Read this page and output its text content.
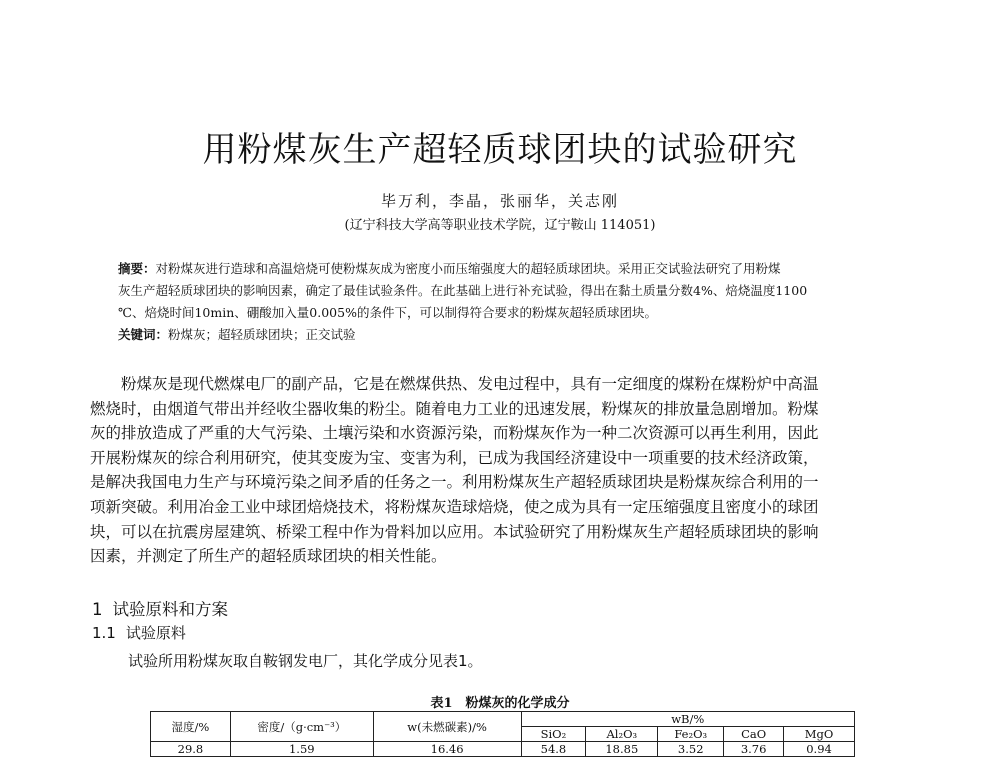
用粉煤灰生产超轻质球团块的试验研究
毕万利，李晶，张丽华，关志刚
(辽宁科技大学高等职业技术学院，辽宁鞍山 114051)
摘要：对粉煤灰进行造球和高温焙烧可使粉煤灰成为密度小而压缩强度大的超轻质球团块。采用正交试验法研究了用粉煤
灰生产超轻质球团块的影响因素，确定了最佳试验条件。在此基础上进行补充试验，得出在黏土质量分数4%、焙烧温度1100
℃、焙烧时间10min、硼酸加入量0.005%的条件下，可以制得符合要求的粉煤灰超轻质球团块。
关键词：粉煤灰；超轻质球团块；正交试验
　　粉煤灰是现代燃煤电厂的副产品，它是在燃煤供热、发电过程中，具有一定细度的煤粉在煤粉炉中高温
燃烧时，由烟道气带出并经收尘器收集的粉尘。随着电力工业的迅速发展，粉煤灰的排放量急剧增加。粉煤
灰的排放造成了严重的大气污染、土壤污染和水资源污染，而粉煤灰作为一种二次资源可以再生利用，因此
开展粉煤灰的综合利用研究，使其变废为宝、变害为利，已成为我国经济建设中一项重要的技术经济政策，
是解决我国电力生产与环境污染之间矛盾的任务之一。利用粉煤灰生产超轻质球团块是粉煤灰综合利用的一
项新突破。利用冶金工业中球团焙烧技术，将粉煤灰造球焙烧，使之成为具有一定压缩强度且密度小的球团
块，可以在抗震房屋建筑、桥梁工程中作为骨料加以应用。本试验研究了用粉煤灰生产超轻质球团块的影响
因素，并测定了所生产的超轻质球团块的相关性能。
1 试验原料和方案
1.1 试验原料
试验所用粉煤灰取自鞍钢发电厂，其化学成分见表1。
表1　粉煤灰的化学成分
湿度/%	密度/（g·cm⁻³）	w(未燃碳素)/%	wB/%				
			SiO₂	Al₂O₃	Fe₂O₃	CaO	MgO
29.8	1.59	16.46	54.8	18.85	3.52	3.76	0.94
